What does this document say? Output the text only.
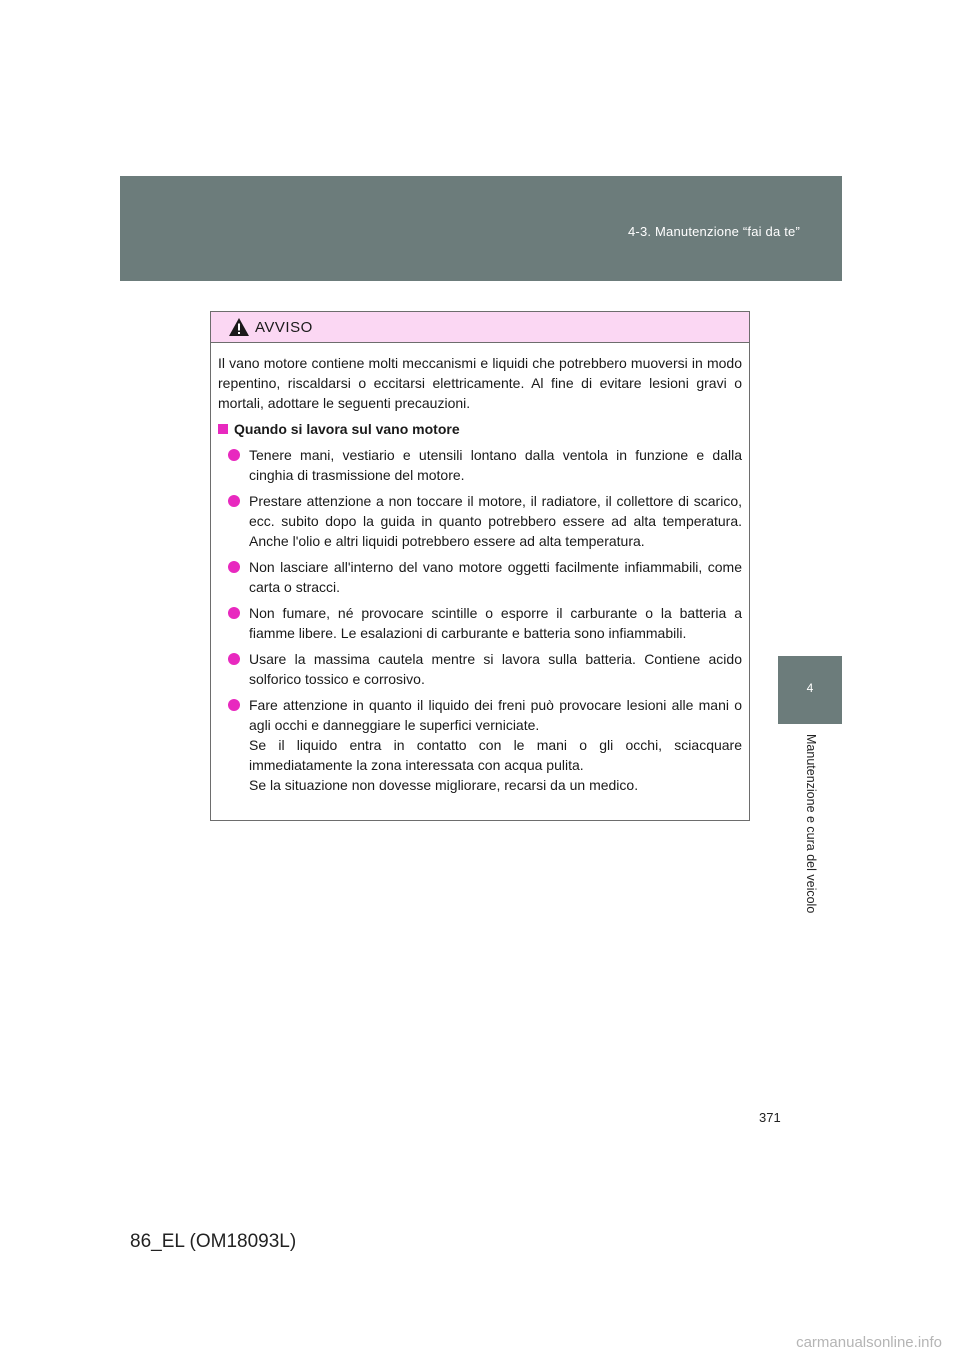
4-3. Manutenzione “fai da te”
4
Manutenzione e cura del veicolo
AVVISO

Il vano motore contiene molti meccanismi e liquidi che potrebbero muoversi in modo repentino, riscaldarsi o eccitarsi elettricamente. Al fine di evitare lesioni gravi o mortali, adottare le seguenti precauzioni.

Quando si lavora sul vano motore
Tenere mani, vestiario e utensili lontano dalla ventola in funzione e dalla cinghia di trasmissione del motore.
Prestare attenzione a non toccare il motore, il radiatore, il collettore di scarico, ecc. subito dopo la guida in quanto potrebbero essere ad alta temperatura. Anche l'olio e altri liquidi potrebbero essere ad alta temperatura.
Non lasciare all'interno del vano motore oggetti facilmente infiammabili, come carta o stracci.
Non fumare, né provocare scintille o esporre il carburante o la batteria a fiamme libere. Le esalazioni di carburante e batteria sono infiammabili.
Usare la massima cautela mentre si lavora sulla batteria. Contiene acido solforico tossico e corrosivo.
Fare attenzione in quanto il liquido dei freni può provocare lesioni alle mani o agli occhi e danneggiare le superfici verniciate.
Se il liquido entra in contatto con le mani o gli occhi, sciacquare immediatamente la zona interessata con acqua pulita.
Se la situazione non dovesse migliorare, recarsi da un medico.
371
86_EL (OM18093L)
carmanualsonline.info
